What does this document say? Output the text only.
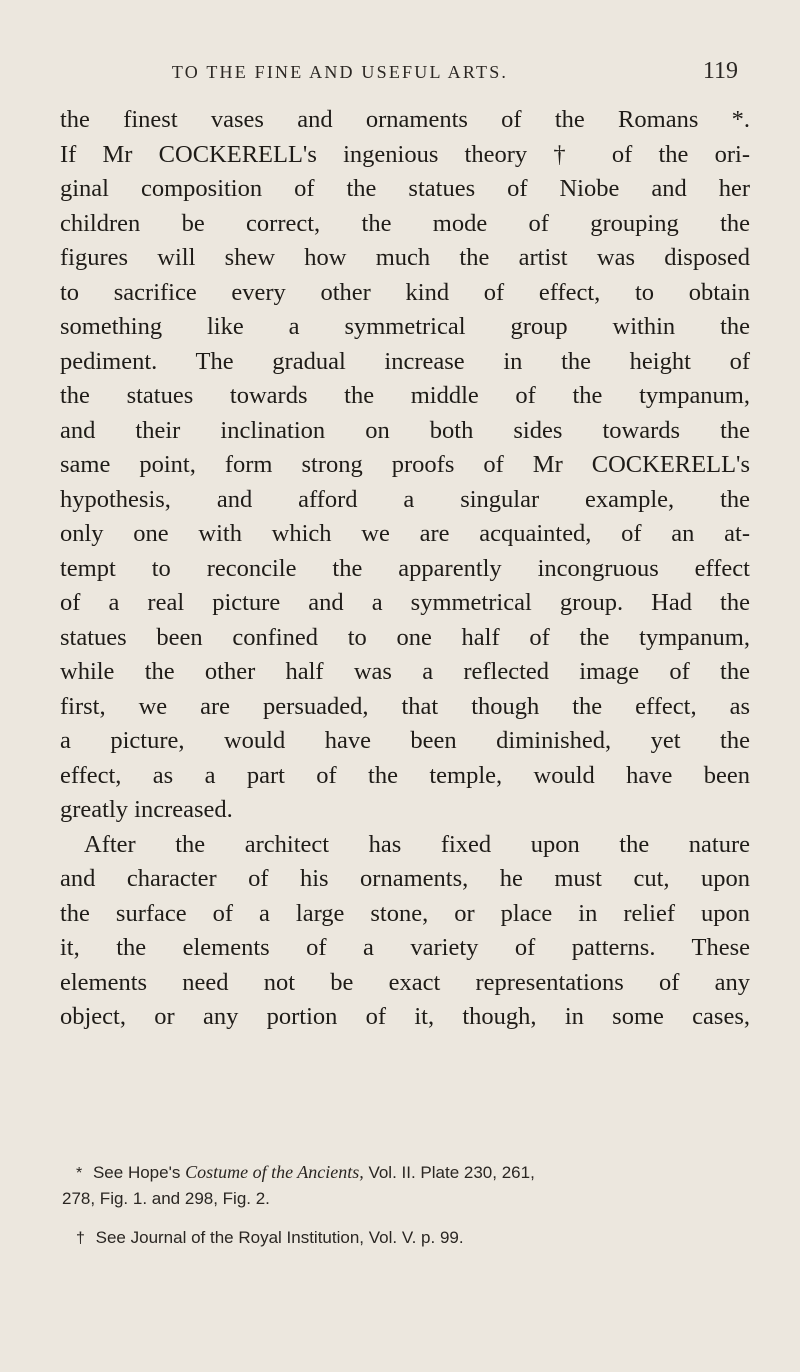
TO THE FINE AND USEFUL ARTS.	119
the finest vases and ornaments of the Romans *.
If Mr COCKERELL's ingenious theory † of the ori-
ginal composition of the statues of Niobe and her
children be correct, the mode of grouping the
figures will shew how much the artist was disposed
to sacrifice every other kind of effect, to obtain
something like a symmetrical group within the
pediment. The gradual increase in the height of
the statues towards the middle of the tympanum,
and their inclination on both sides towards the
same point, form strong proofs of Mr COCKERELL's
hypothesis, and afford a singular example, the
only one with which we are acquainted, of an at-
tempt to reconcile the apparently incongruous effect
of a real picture and a symmetrical group. Had the
statues been confined to one half of the tympanum,
while the other half was a reflected image of the
first, we are persuaded, that though the effect, as
a picture, would have been diminished, yet the
effect, as a part of the temple, would have been
greatly increased.
After the architect has fixed upon the nature
and character of his ornaments, he must cut, upon
the surface of a large stone, or place in relief upon
it, the elements of a variety of patterns. These
elements need not be exact representations of any
object, or any portion of it, though, in some cases,
* See Hope's Costume of the Ancients, Vol. II. Plate 230, 261,
278, Fig. 1. and 298, Fig. 2.
† See Journal of the Royal Institution, Vol. V. p. 99.
